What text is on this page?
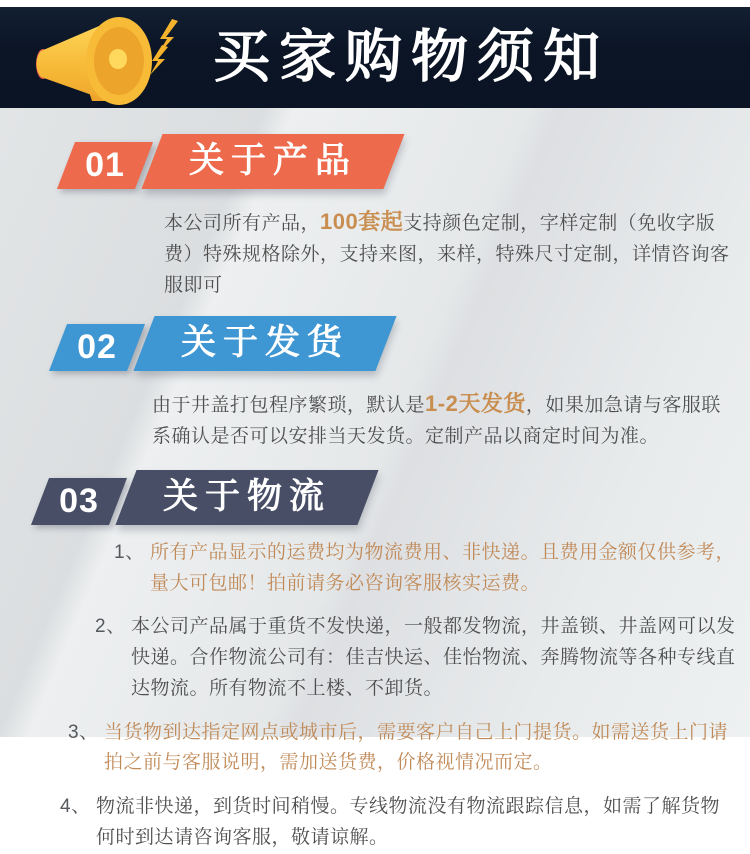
买家购物须知
01	关于产品

本公司所有产品，100套起支持颜色定制，字样定制（免收字版费）特殊规格除外，支持来图，来样，特殊尺寸定制，详情咨询客服即可

02	关于发货

由于井盖打包程序繁琐，默认是1-2天发货，如果加急请与客服联系确认是否可以安排当天发货。定制产品以商定时间为准。

03	关于物流
1、 所有产品显示的运费均为物流费用、非快递。且费用金额仅供参考，量大可包邮！拍前请务必咨询客服核实运费。
2、 本公司产品属于重货不发快递，一般都发物流，井盖锁、井盖网可以发快递。合作物流公司有：佳吉快运、佳怡物流、奔腾物流等各种专线直达物流。所有物流不上楼、不卸货。
3、 当货物到达指定网点或城市后，需要客户自己上门提货。如需送货上门请拍之前与客服说明，需加送货费，价格视情况而定。
4、 物流非快递，到货时间稍慢。专线物流没有物流跟踪信息，如需了解货物何时到达请咨询客服，敬请谅解。
